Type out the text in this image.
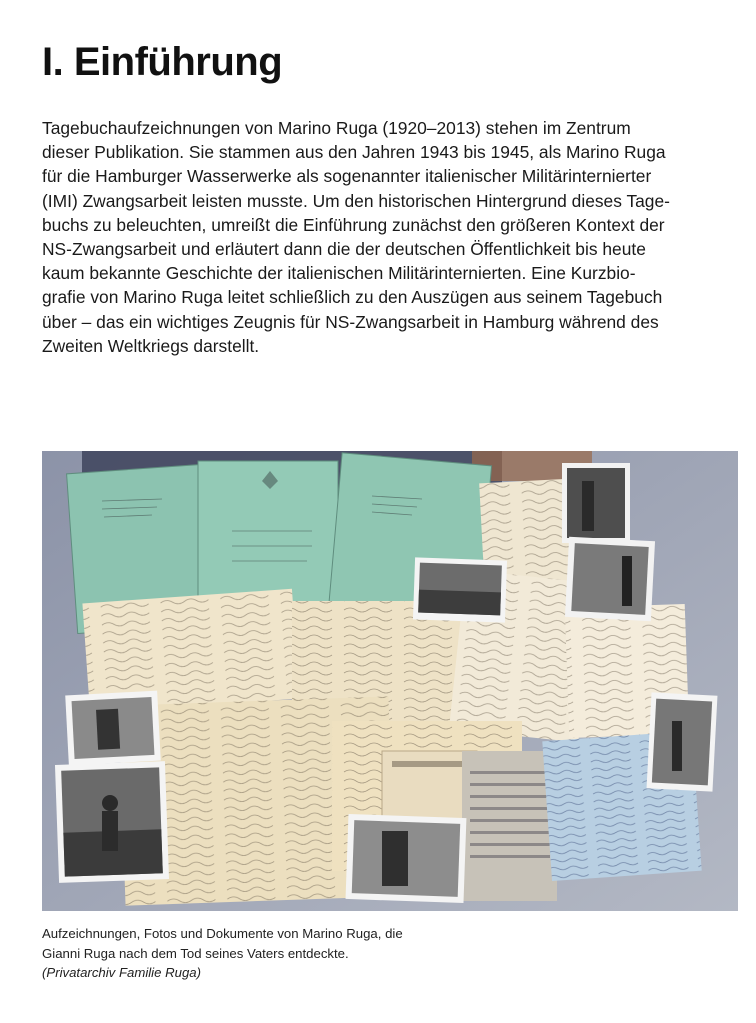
I. Einführung
Tagebuchaufzeichnungen von Marino Ruga (1920–2013) stehen im Zentrum
dieser Publikation. Sie stammen aus den Jahren 1943 bis 1945, als Marino Ruga
für die Hamburger Wasserwerke als sogenannter italienischer Militärinternierter
(IMI) Zwangsarbeit leisten musste. Um den historischen Hintergrund dieses Tage-
buchs zu beleuchten, umreißt die Einführung zunächst den größeren Kontext der
NS-Zwangsarbeit und erläutert dann die der deutschen Öffentlichkeit bis heute
kaum bekannte Geschichte der italienischen Militärinternierten. Eine Kurzbio-
grafie von Marino Ruga leitet schließlich zu den Auszügen aus seinem Tagebuch
über – das ein wichtiges Zeugnis für NS-Zwangsarbeit in Hamburg während des
Zweiten Weltkriegs darstellt.
Aufzeichnungen, Fotos und Dokumente von Marino Ruga, die
Gianni Ruga nach dem Tod seines Vaters entdeckte.
(Privatarchiv Familie Ruga)
